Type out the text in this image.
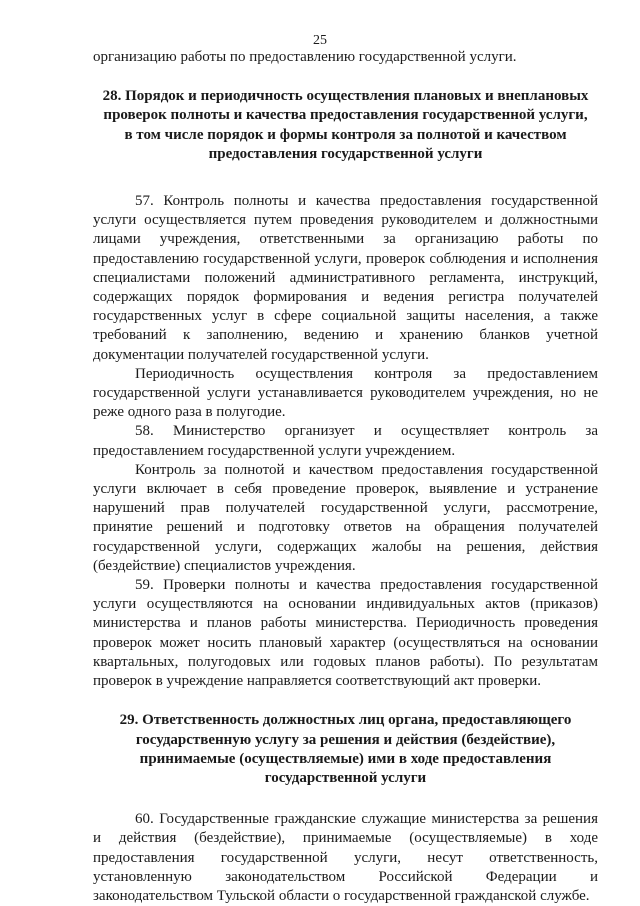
25

организацию работы по предоставлению государственной услуги.

28. Порядок и периодичность осуществления плановых и внеплановых проверок полноты и качества предоставления государственной услуги, в том числе порядок и формы контроля за полнотой и качеством предоставления государственной услуги

57. Контроль полноты и качества предоставления государственной услуги осуществляется путем проведения руководителем и должностными лицами учреждения, ответственными за организацию работы по предоставлению государственной услуги, проверок соблюдения и исполнения специалистами положений административного регламента, инструкций, содержащих порядок формирования и ведения регистра получателей государственных услуг в сфере социальной защиты населения, а также требований к заполнению, ведению и хранению бланков учетной документации получателей государственной услуги.

Периодичность осуществления контроля за предоставлением государственной услуги устанавливается руководителем учреждения, но не реже одного раза в полугодие.

58. Министерство организует и осуществляет контроль за предоставлением государственной услуги учреждением.

Контроль за полнотой и качеством предоставления государственной услуги включает в себя проведение проверок, выявление и устранение нарушений прав получателей государственной услуги, рассмотрение, принятие решений и подготовку ответов на обращения получателей государственной услуги, содержащих жалобы на решения, действия (бездействие) специалистов учреждения.

59. Проверки полноты и качества предоставления государственной услуги осуществляются на основании индивидуальных актов (приказов) министерства и планов работы министерства. Периодичность проведения проверок может носить плановый характер (осуществляться на основании квартальных, полугодовых или годовых планов работы). По результатам проверок в учреждение направляется соответствующий акт проверки.

29. Ответственность должностных лиц органа, предоставляющего государственную услугу за решения и действия (бездействие), принимаемые (осуществляемые) ими в ходе предоставления государственной услуги

60. Государственные гражданские служащие министерства за решения и действия (бездействие), принимаемые (осуществляемые) в ходе предоставления государственной услуги, несут ответственность, установленную законодательством Российской Федерации и законодательством Тульской области о государственной гражданской службе.
